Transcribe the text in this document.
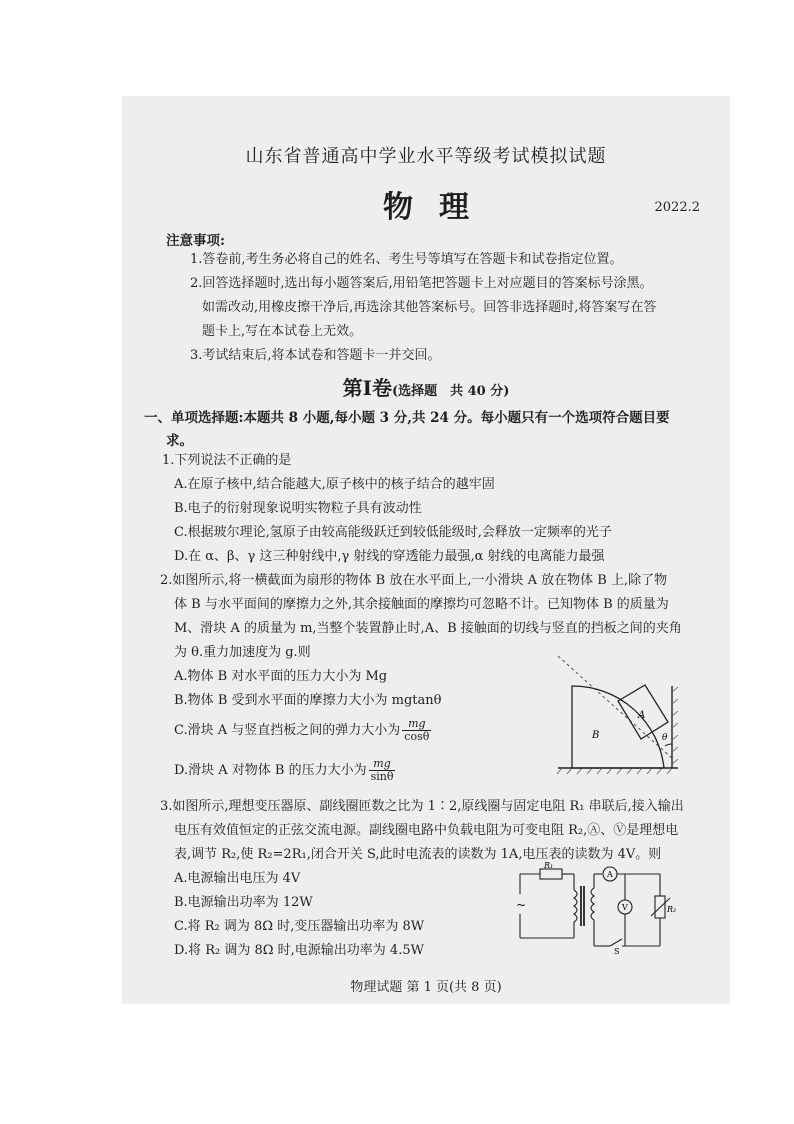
山东省普通高中学业水平等级考试模拟试题
物理	2022.2
注意事项:
1.答卷前,考生务必将自己的姓名、考生号等填写在答题卡和试卷指定位置。
2.回答选择题时,选出每小题答案后,用铅笔把答题卡上对应题目的答案标号涂黑。
如需改动,用橡皮擦干净后,再选涂其他答案标号。回答非选择题时,将答案写在答
题卡上,写在本试卷上无效。
3.考试结束后,将本试卷和答题卡一并交回。
第Ⅰ卷(选择题　共 40 分)
一、单项选择题:本题共 8 小题,每小题 3 分,共 24 分。每小题只有一个选项符合题目要
求。
1.下列说法不正确的是
A.在原子核中,结合能越大,原子核中的核子结合的越牢固
B.电子的衍射现象说明实物粒子具有波动性
C.根据玻尔理论,氢原子由较高能级跃迁到较低能级时,会释放一定频率的光子
D.在 α、β、γ 这三种射线中,γ 射线的穿透能力最强,α 射线的电离能力最强
2.如图所示,将一横截面为扇形的物体 B 放在水平面上,一小滑块 A 放在物体 B 上,除了物
体 B 与水平面间的摩擦力之外,其余接触面的摩擦均可忽略不计。已知物体 B 的质量为
M、滑块 A 的质量为 m,当整个装置静止时,A、B 接触面的切线与竖直的挡板之间的夹角
为 θ.重力加速度为 g.则
A.物体 B 对水平面的压力大小为 Mg
B.物体 B 受到水平面的摩擦力大小为 mgtanθ
C.滑块 A 与竖直挡板之间的弹力大小为 $\frac{mg}{\cos\theta}$
D.滑块 A 对物体 B 的压力大小为 $\frac{mg}{\sin\theta}$
A
B	θ
3.如图所示,理想变压器原、副线圈匝数之比为 1∶2,原线圈与固定电阻 R₁ 串联后,接入输出
电压有效值恒定的正弦交流电源。副线圈电路中负载电阻为可变电阻 R₂,Ⓐ、Ⓥ是理想电
表,调节 R₂,使 R₂=2R₁,闭合开关 S,此时电流表的读数为 1A,电压表的读数为 4V。则
A.电源输出电压为 4V
B.电源输出功率为 12W
C.将 R₂ 调为 8Ω 时,变压器输出功率为 8W
D.将 R₂ 调为 8Ω 时,电源输出功率为 4.5W
~
R₁
A
V	R₂
S
物理试题 第 1 页(共 8 页)
